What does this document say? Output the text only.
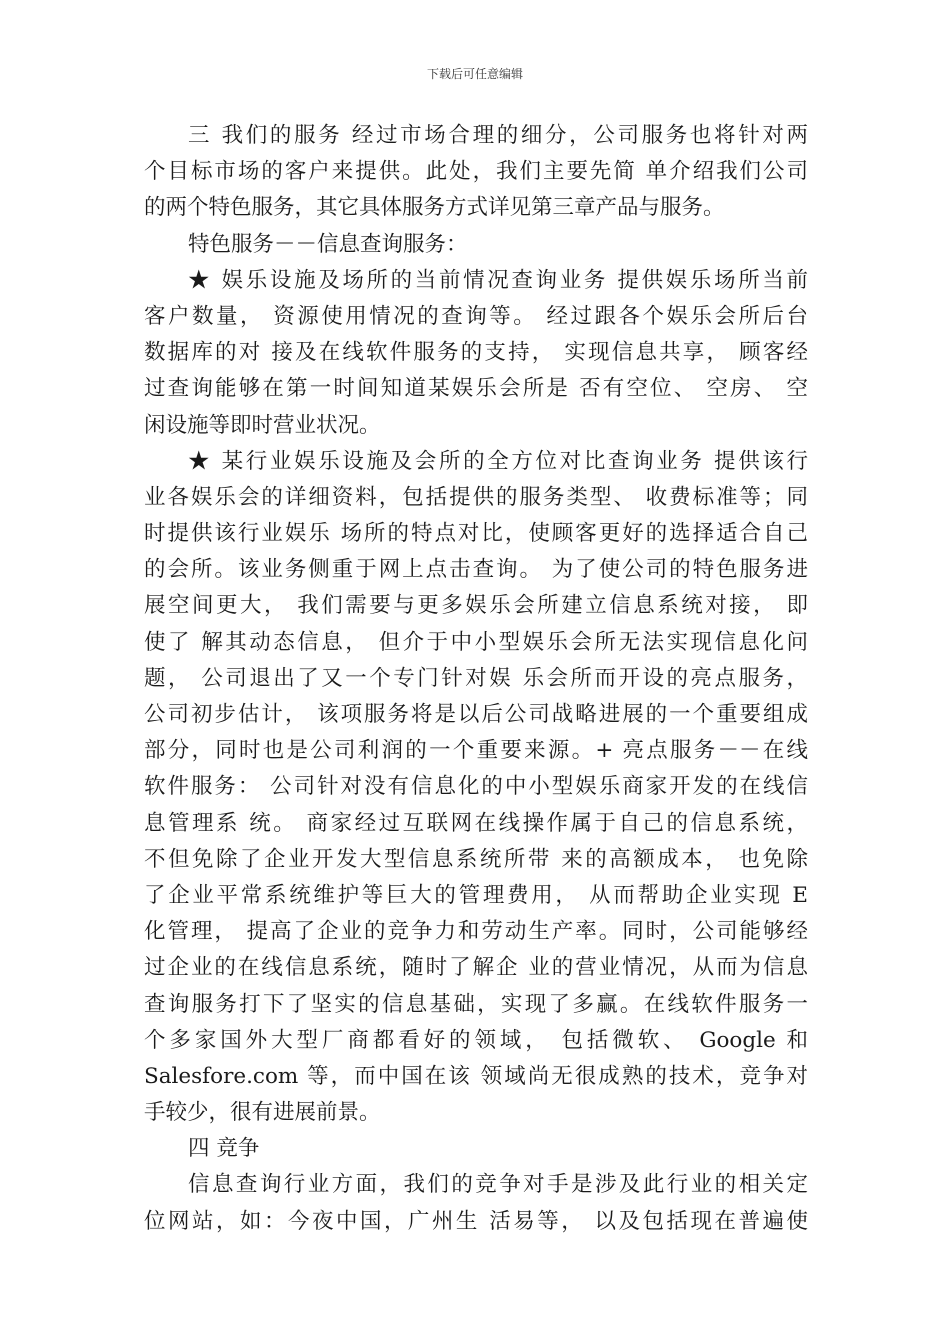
下载后可任意编辑
三 我们的服务 经过市场合理的细分，公司服务也将针对两
个目标市场的客户来提供。此处，我们主要先简 单介绍我们公司
的两个特色服务，其它具体服务方式详见第三章产品与服务。
特色服务－－信息查询服务：
★ 娱乐设施及场所的当前情况查询业务 提供娱乐场所当前
客户数量， 资源使用情况的查询等。 经过跟各个娱乐会所后台
数据库的对 接及在线软件服务的支持， 实现信息共享， 顾客经
过查询能够在第一时间知道某娱乐会所是 否有空位、 空房、 空
闲设施等即时营业状况。
★ 某行业娱乐设施及会所的全方位对比查询业务 提供该行
业各娱乐会的详细资料，包括提供的服务类型、 收费标准等；同
时提供该行业娱乐 场所的特点对比，使顾客更好的选择适合自己
的会所。该业务侧重于网上点击查询。 为了使公司的特色服务进
展空间更大， 我们需要与更多娱乐会所建立信息系统对接， 即
使了 解其动态信息， 但介于中小型娱乐会所无法实现信息化问
题， 公司退出了又一个专门针对娱 乐会所而开设的亮点服务，
公司初步估计， 该项服务将是以后公司战略进展的一个重要组成
部分，同时也是公司利润的一个重要来源。+ 亮点服务－－在线
软件服务： 公司针对没有信息化的中小型娱乐商家开发的在线信
息管理系 统。 商家经过互联网在线操作属于自己的信息系统，
不但免除了企业开发大型信息系统所带 来的高额成本， 也免除
了企业平常系统维护等巨大的管理费用， 从而帮助企业实现 E
化管理， 提高了企业的竞争力和劳动生产率。同时，公司能够经
过企业的在线信息系统，随时了解企 业的营业情况，从而为信息
查询服务打下了坚实的信息基础，实现了多赢。在线软件服务一
个多家国外大型厂商都看好的领域， 包括微软、 Google 和
Salesfore.com 等，而中国在该 领域尚无很成熟的技术，竞争对
手较少，很有进展前景。
四 竞争
信息查询行业方面，我们的竞争对手是涉及此行业的相关定
位网站，如：今夜中国，广州生 活易等， 以及包括现在普遍使
